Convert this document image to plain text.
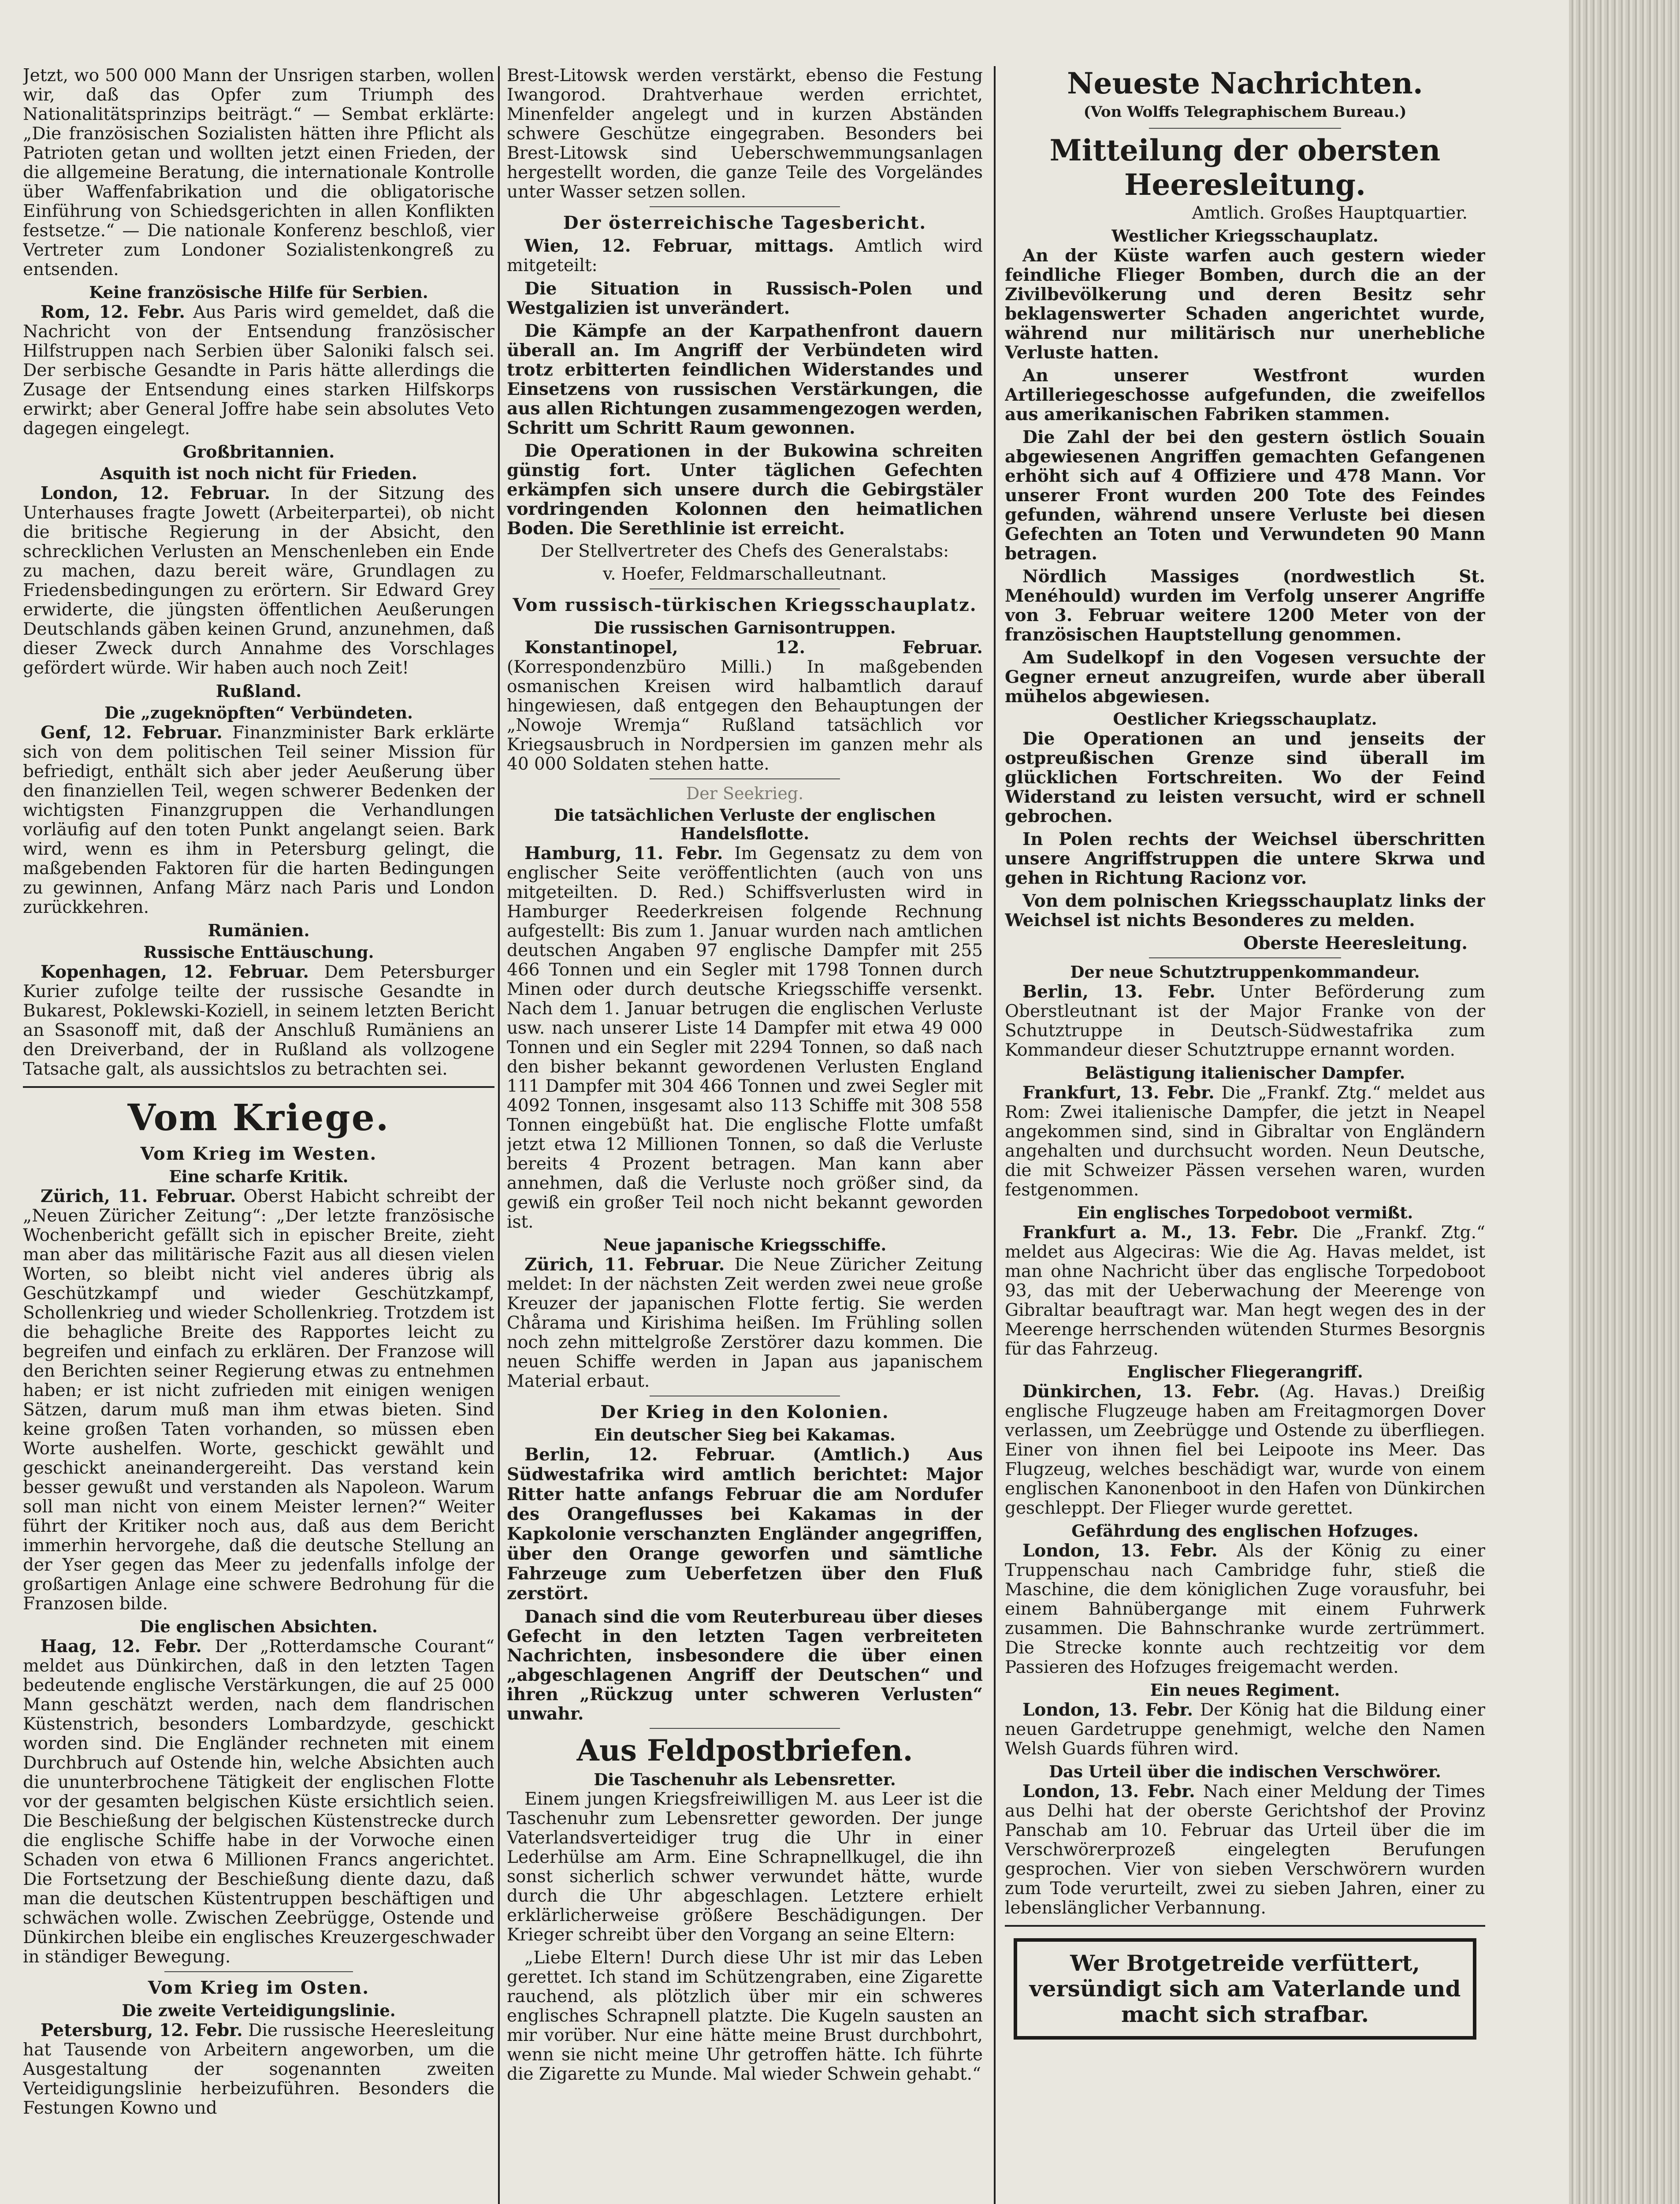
Jetzt, wo 500 000 Mann der Unsrigen starben, wollen wir, daß das Opfer zum Triumph des Nationalitätsprinzips beiträgt.“ — Sembat erklärte: „Die französischen Sozialisten hätten ihre Pflicht als Patrioten getan und wollten jetzt einen Frieden, der die allgemeine Beratung, die internationale Kontrolle über Waffenfabrikation und die obligatorische Einführung von Schiedsgerichten in allen Konflikten festsetze.“ — Die nationale Konferenz beschloß, vier Vertreter zum Londoner Sozialistenkongreß zu entsenden.

Keine französische Hilfe für Serbien.

Rom, 12. Febr. Aus Paris wird gemeldet, daß die Nachricht von der Entsendung französischer Hilfstruppen nach Serbien über Saloniki falsch sei. Der serbische Gesandte in Paris hätte allerdings die Zusage der Entsendung eines starken Hilfskorps erwirkt; aber General Joffre habe sein absolutes Veto dagegen eingelegt.

Großbritannien.
Asquith ist noch nicht für Frieden.

London, 12. Februar. In der Sitzung des Unterhauses fragte Jowett (Arbeiterpartei), ob nicht die britische Regierung in der Absicht, den schrecklichen Verlusten an Menschenleben ein Ende zu machen, dazu bereit wäre, Grundlagen zu Friedensbedingungen zu erörtern. Sir Edward Grey erwiderte, die jüngsten öffentlichen Aeußerungen Deutschlands gäben keinen Grund, anzunehmen, daß dieser Zweck durch Annahme des Vorschlages gefördert würde. Wir haben auch noch Zeit!

Rußland.
Die „zugeknöpften“ Verbündeten.

Genf, 12. Februar. Finanzminister Bark erklärte sich von dem politischen Teil seiner Mission für befriedigt, enthält sich aber jeder Aeußerung über den finanziellen Teil, wegen schwerer Bedenken der wichtigsten Finanzgruppen die Verhandlungen vorläufig auf den toten Punkt angelangt seien. Bark wird, wenn es ihm in Petersburg gelingt, die maßgebenden Faktoren für die harten Bedingungen zu gewinnen, Anfang März nach Paris und London zurückkehren.

Rumänien.
Russische Enttäuschung.

Kopenhagen, 12. Februar. Dem Petersburger Kurier zufolge teilte der russische Gesandte in Bukarest, Poklewski-Koziell, in seinem letzten Bericht an Ssasonoff mit, daß der Anschluß Rumäniens an den Dreiverband, der in Rußland als vollzogene Tatsache galt, als aussichtslos zu betrachten sei.

Vom Kriege.
Vom Krieg im Westen.
Eine scharfe Kritik.

Zürich, 11. Februar. Oberst Habicht schreibt der „Neuen Züricher Zeitung“: „Der letzte französische Wochenbericht gefällt sich in epischer Breite, zieht man aber das militärische Fazit aus all diesen vielen Worten, so bleibt nicht viel anderes übrig als Geschützkampf und wieder Geschützkampf, Schollenkrieg und wieder Schollenkrieg. Trotzdem ist die behagliche Breite des Rapportes leicht zu begreifen und einfach zu erklären. Der Franzose will den Berichten seiner Regierung etwas zu entnehmen haben; er ist nicht zufrieden mit einigen wenigen Sätzen, darum muß man ihm etwas bieten. Sind keine großen Taten vorhanden, so müssen eben Worte aushelfen. Worte, geschickt gewählt und geschickt aneinandergereiht. Das verstand kein besser gewußt und verstanden als Napoleon. Warum soll man nicht von einem Meister lernen?“ Weiter führt der Kritiker noch aus, daß aus dem Bericht immerhin hervorgehe, daß die deutsche Stellung an der Yser gegen das Meer zu jedenfalls infolge der großartigen Anlage eine schwere Bedrohung für die Franzosen bilde.

Die englischen Absichten.

Haag, 12. Febr. Der „Rotterdamsche Courant“ meldet aus Dünkirchen, daß in den letzten Tagen bedeutende englische Verstärkungen, die auf 25 000 Mann geschätzt werden, nach dem flandrischen Küstenstrich, besonders Lombardzyde, geschickt worden sind. Die Engländer rechneten mit einem Durchbruch auf Ostende hin, welche Absichten auch die ununterbrochene Tätigkeit der englischen Flotte vor der gesamten belgischen Küste ersichtlich seien. Die Beschießung der belgischen Küstenstrecke durch die englische Schiffe habe in der Vorwoche einen Schaden von etwa 6 Millionen Francs angerichtet. Die Fortsetzung der Beschießung diente dazu, daß man die deutschen Küstentruppen beschäftigen und schwächen wolle. Zwischen Zeebrügge, Ostende und Dünkirchen bleibe ein englisches Kreuzergeschwader in ständiger Bewegung.

Vom Krieg im Osten.
Die zweite Verteidigungslinie.

Petersburg, 12. Febr. Die russische Heeresleitung hat Tausende von Arbeitern angeworben, um die Ausgestaltung der sogenannten zweiten Verteidigungslinie herbeizuführen. Besonders die Festungen Kowno und

Brest-Litowsk werden verstärkt, ebenso die Festung Iwangorod. Drahtverhaue werden errichtet, Minenfelder angelegt und in kurzen Abständen schwere Geschütze eingegraben. Besonders bei Brest-Litowsk sind Ueberschwemmungsanlagen hergestellt worden, die ganze Teile des Vorgeländes unter Wasser setzen sollen.

Der österreichische Tagesbericht.

Wien, 12. Februar, mittags. Amtlich wird mitgeteilt:

Die Situation in Russisch-Polen und Westgalizien ist unverändert.

Die Kämpfe an der Karpathenfront dauern überall an. Im Angriff der Verbündeten wird trotz erbitterten feindlichen Widerstandes und Einsetzens von russischen Verstärkungen, die aus allen Richtungen zusammengezogen werden, Schritt um Schritt Raum gewonnen.

Die Operationen in der Bukowina schreiten günstig fort. Unter täglichen Gefechten erkämpfen sich unsere durch die Gebirgstäler vordringenden Kolonnen den heimatlichen Boden. Die Serethlinie ist erreicht.

Der Stellvertreter des Chefs des Generalstabs:

v. Hoefer, Feldmarschalleutnant.

Vom russisch-türkischen Kriegsschauplatz.
Die russischen Garnisontruppen.

Konstantinopel, 12. Februar. (Korrespondenzbüro Milli.) In maßgebenden osmanischen Kreisen wird halbamtlich darauf hingewiesen, daß entgegen den Behauptungen der „Nowoje Wremja“ Rußland tatsächlich vor Kriegsausbruch in Nordpersien im ganzen mehr als 40 000 Soldaten stehen hatte.

Der Seekrieg.
Die tatsächlichen Verluste der englischen Handelsflotte.

Hamburg, 11. Febr. Im Gegensatz zu dem von englischer Seite veröffentlichten (auch von uns mitgeteilten. D. Red.) Schiffsverlusten wird in Hamburger Reederkreisen folgende Rechnung aufgestellt: Bis zum 1. Januar wurden nach amtlichen deutschen Angaben 97 englische Dampfer mit 255 466 Tonnen und ein Segler mit 1798 Tonnen durch Minen oder durch deutsche Kriegsschiffe versenkt. Nach dem 1. Januar betrugen die englischen Verluste usw. nach unserer Liste 14 Dampfer mit etwa 49 000 Tonnen und ein Segler mit 2294 Tonnen, so daß nach den bisher bekannt gewordenen Verlusten England 111 Dampfer mit 304 466 Tonnen und zwei Segler mit 4092 Tonnen, insgesamt also 113 Schiffe mit 308 558 Tonnen eingebüßt hat. Die englische Flotte umfaßt jetzt etwa 12 Millionen Tonnen, so daß die Verluste bereits 4 Prozent betragen. Man kann aber annehmen, daß die Verluste noch größer sind, da gewiß ein großer Teil noch nicht bekannt geworden ist.

Neue japanische Kriegsschiffe.

Zürich, 11. Februar. Die Neue Züricher Zeitung meldet: In der nächsten Zeit werden zwei neue große Kreuzer der japanischen Flotte fertig. Sie werden Chårama und Kirishima heißen. Im Frühling sollen noch zehn mittelgroße Zerstörer dazu kommen. Die neuen Schiffe werden in Japan aus japanischem Material erbaut.

Der Krieg in den Kolonien.
Ein deutscher Sieg bei Kakamas.

Berlin, 12. Februar. (Amtlich.) Aus Südwestafrika wird amtlich berichtet: Major Ritter hatte anfangs Februar die am Nordufer des Orangeflusses bei Kakamas in der Kapkolonie verschanzten Engländer angegriffen, über den Orange geworfen und sämtliche Fahrzeuge zum Ueberfetzen über den Fluß zerstört.

Danach sind die vom Reuterbureau über dieses Gefecht in den letzten Tagen verbreiteten Nachrichten, insbesondere die über einen „abgeschlagenen Angriff der Deutschen“ und ihren „Rückzug unter schweren Verlusten“ unwahr.

Aus Feldpostbriefen.
Die Taschenuhr als Lebensretter.

Einem jungen Kriegsfreiwilligen M. aus Leer ist die Taschenuhr zum Lebensretter geworden. Der junge Vaterlandsverteidiger trug die Uhr in einer Lederhülse am Arm. Eine Schrapnellkugel, die ihn sonst sicherlich schwer verwundet hätte, wurde durch die Uhr abgeschlagen. Letztere erhielt erklärlicherweise größere Beschädigungen. Der Krieger schreibt über den Vorgang an seine Eltern:

„Liebe Eltern! Durch diese Uhr ist mir das Leben gerettet. Ich stand im Schützengraben, eine Zigarette rauchend, als plötzlich über mir ein schweres englisches Schrapnell platzte. Die Kugeln sausten an mir vorüber. Nur eine hätte meine Brust durchbohrt, wenn sie nicht meine Uhr getroffen hätte. Ich führte die Zigarette zu Munde. Mal wieder Schwein gehabt.“

Neueste Nachrichten.
(Von Wolffs Telegraphischem Bureau.)
Mitteilung der obersten Heeresleitung.

Amtlich. Großes Hauptquartier.

Westlicher Kriegsschauplatz.

An der Küste warfen auch gestern wieder feindliche Flieger Bomben, durch die an der Zivilbevölkerung und deren Besitz sehr beklagenswerter Schaden angerichtet wurde, während nur militärisch nur unerhebliche Verluste hatten.

An unserer Westfront wurden Artilleriegeschosse aufgefunden, die zweifellos aus amerikanischen Fabriken stammen.

Die Zahl der bei den gestern östlich Souain abgewiesenen Angriffen gemachten Gefangenen erhöht sich auf 4 Offiziere und 478 Mann. Vor unserer Front wurden 200 Tote des Feindes gefunden, während unsere Verluste bei diesen Gefechten an Toten und Verwundeten 90 Mann betragen.

Nördlich Massiges (nordwestlich St. Menéhould) wurden im Verfolg unserer Angriffe von 3. Februar weitere 1200 Meter von der französischen Hauptstellung genommen.

Am Sudelkopf in den Vogesen versuchte der Gegner erneut anzugreifen, wurde aber überall mühelos abgewiesen.

Oestlicher Kriegsschauplatz.

Die Operationen an und jenseits der ostpreußischen Grenze sind überall im glücklichen Fortschreiten. Wo der Feind Widerstand zu leisten versucht, wird er schnell gebrochen.

In Polen rechts der Weichsel überschritten unsere Angriffstruppen die untere Skrwa und gehen in Richtung Racionz vor.

Von dem polnischen Kriegsschauplatz links der Weichsel ist nichts Besonderes zu melden.

Oberste Heeresleitung.

Der neue Schutztruppenkommandeur.

Berlin, 13. Febr. Unter Beförderung zum Oberstleutnant ist der Major Franke von der Schutztruppe in Deutsch-Südwestafrika zum Kommandeur dieser Schutztruppe ernannt worden.

Belästigung italienischer Dampfer.

Frankfurt, 13. Febr. Die „Frankf. Ztg.“ meldet aus Rom: Zwei italienische Dampfer, die jetzt in Neapel angekommen sind, sind in Gibraltar von Engländern angehalten und durchsucht worden. Neun Deutsche, die mit Schweizer Pässen versehen waren, wurden festgenommen.

Ein englisches Torpedoboot vermißt.

Frankfurt a. M., 13. Febr. Die „Frankf. Ztg.“ meldet aus Algeciras: Wie die Ag. Havas meldet, ist man ohne Nachricht über das englische Torpedoboot 93, das mit der Ueberwachung der Meerenge von Gibraltar beauftragt war. Man hegt wegen des in der Meerenge herrschenden wütenden Sturmes Besorgnis für das Fahrzeug.

Englischer Fliegerangriff.

Dünkirchen, 13. Febr. (Ag. Havas.) Dreißig englische Flugzeuge haben am Freitagmorgen Dover verlassen, um Zeebrügge und Ostende zu überfliegen. Einer von ihnen fiel bei Leipoote ins Meer. Das Flugzeug, welches beschädigt war, wurde von einem englischen Kanonenboot in den Hafen von Dünkirchen geschleppt. Der Flieger wurde gerettet.

Gefährdung des englischen Hofzuges.

London, 13. Febr. Als der König zu einer Truppenschau nach Cambridge fuhr, stieß die Maschine, die dem königlichen Zuge vorausfuhr, bei einem Bahnübergange mit einem Fuhrwerk zusammen. Die Bahnschranke wurde zertrümmert. Die Strecke konnte auch rechtzeitig vor dem Passieren des Hofzuges freigemacht werden.

Ein neues Regiment.

London, 13. Febr. Der König hat die Bildung einer neuen Gardetruppe genehmigt, welche den Namen Welsh Guards führen wird.

Das Urteil über die indischen Verschwörer.

London, 13. Febr. Nach einer Meldung der Times aus Delhi hat der oberste Gerichtshof der Provinz Panschab am 10. Februar das Urteil über die im Verschwörerprozeß eingelegten Berufungen gesprochen. Vier von sieben Verschwörern wurden zum Tode verurteilt, zwei zu sieben Jahren, einer zu lebenslänglicher Verbannung.

Wer Brotgetreide verfüttert, versündigt sich am Vaterlande und macht sich strafbar.
